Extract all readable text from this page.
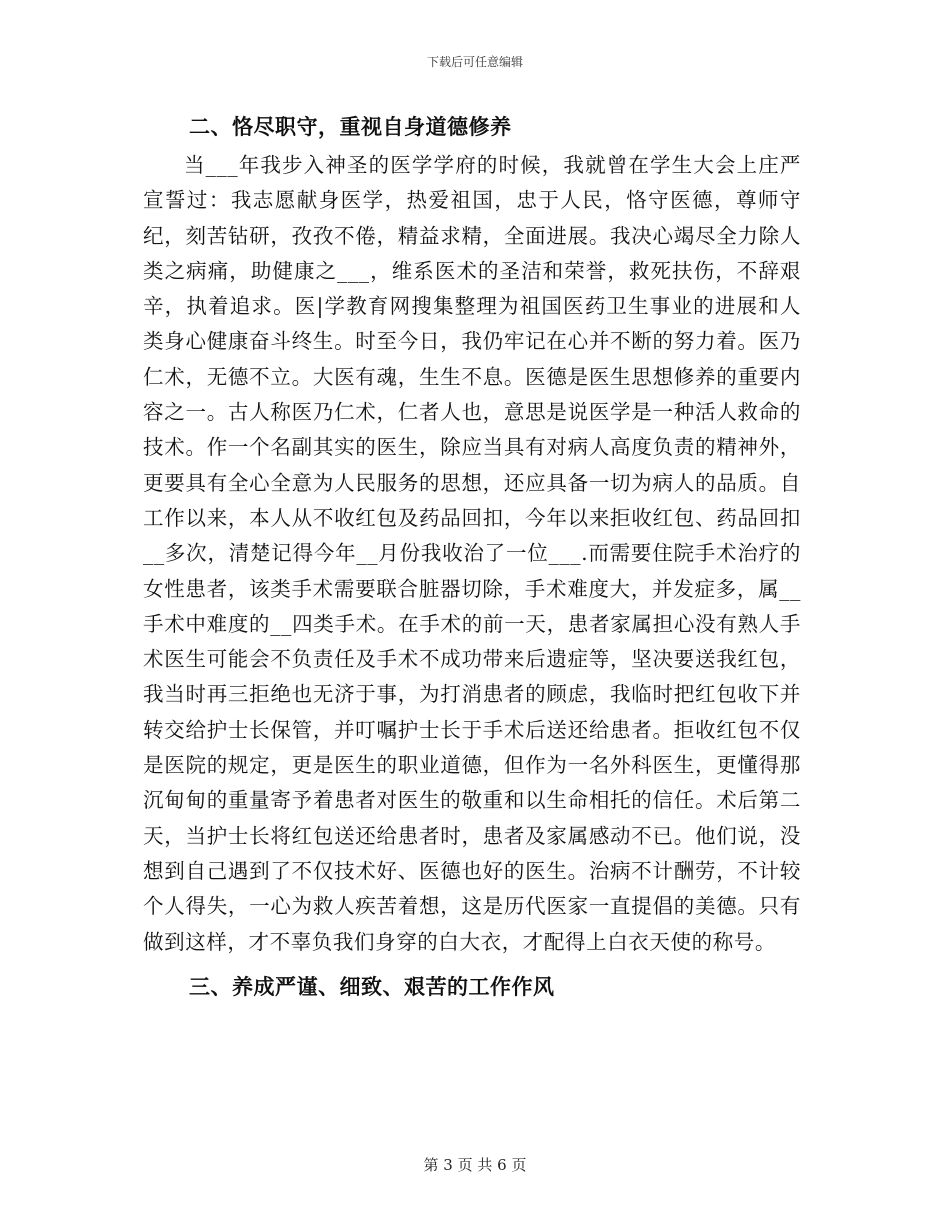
下载后可任意编辑
二、恪尽职守，重视自身道德修养

当___年我步入神圣的医学学府的时候，我就曾在学生大会上庄严宣誓过：我志愿献身医学，热爱祖国，忠于人民，恪守医德，尊师守纪，刻苦钻研，孜孜不倦，精益求精，全面进展。我决心竭尽全力除人类之病痛，助健康之___，维系医术的圣洁和荣誉，救死扶伤，不辞艰辛，执着追求。医|学教育网搜集整理为祖国医药卫生事业的进展和人类身心健康奋斗终生。时至今日，我仍牢记在心并不断的努力着。医乃仁术，无德不立。大医有魂，生生不息。医德是医生思想修养的重要内容之一。古人称医乃仁术，仁者人也，意思是说医学是一种活人救命的技术。作一个名副其实的医生，除应当具有对病人高度负责的精神外，更要具有全心全意为人民服务的思想，还应具备一切为病人的品质。自工作以来，本人从不收红包及药品回扣，今年以来拒收红包、药品回扣__多次，清楚记得今年__月份我收治了一位___.而需要住院手术治疗的女性患者，该类手术需要联合脏器切除，手术难度大，并发症多，属__手术中难度的__四类手术。在手术的前一天，患者家属担心没有熟人手术医生可能会不负责任及手术不成功带来后遗症等，坚决要送我红包，我当时再三拒绝也无济于事，为打消患者的顾虑，我临时把红包收下并转交给护士长保管，并叮嘱护士长于手术后送还给患者。拒收红包不仅是医院的规定，更是医生的职业道德，但作为一名外科医生，更懂得那沉甸甸的重量寄予着患者对医生的敬重和以生命相托的信任。术后第二天，当护士长将红包送还给患者时，患者及家属感动不已。他们说，没想到自己遇到了不仅技术好、医德也好的医生。治病不计酬劳，不计较个人得失，一心为救人疾苦着想，这是历代医家一直提倡的美德。只有做到这样，才不辜负我们身穿的白大衣，才配得上白衣天使的称号。

三、养成严谨、细致、艰苦的工作作风
第 3 页 共 6 页
